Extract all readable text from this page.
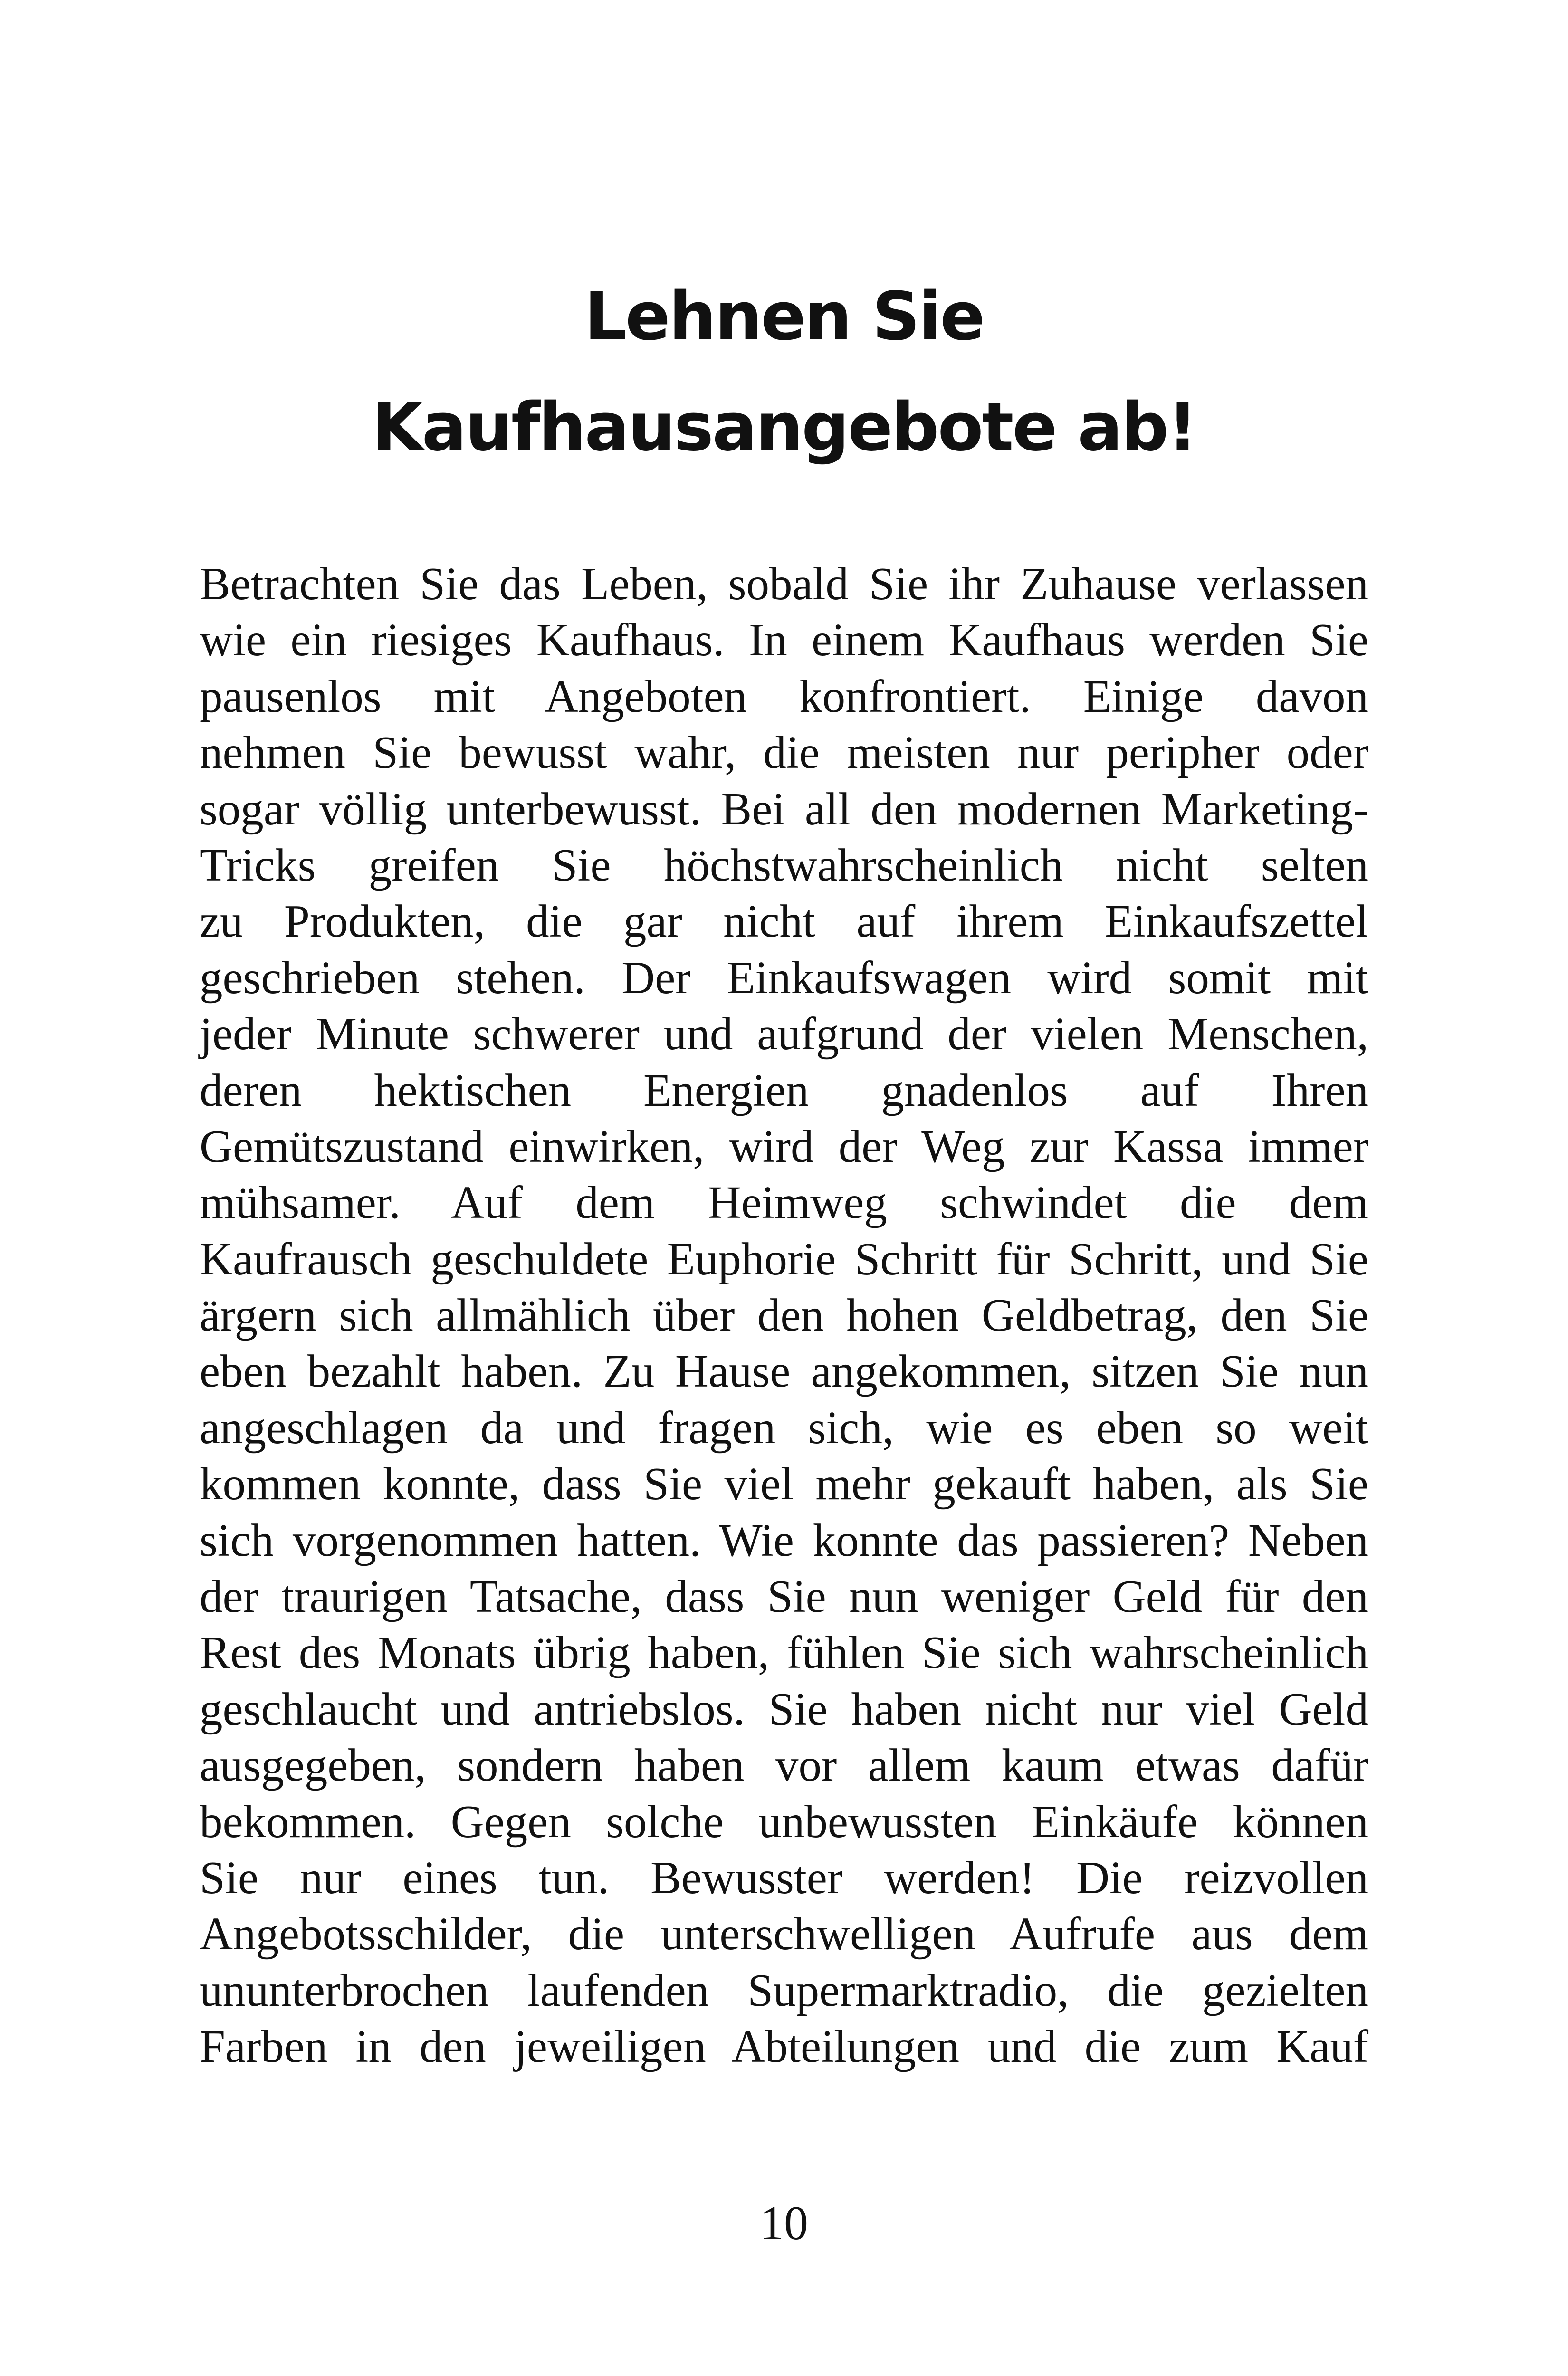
Lehnen Sie
Kaufhausangebote ab!
Betrachten Sie das Leben, sobald Sie ihr Zuhause verlassen
wie ein riesiges Kaufhaus. In einem Kaufhaus werden Sie
pausenlos mit Angeboten konfrontiert. Einige davon
nehmen Sie bewusst wahr, die meisten nur peripher oder
sogar völlig unterbewusst. Bei all den modernen Marketing-
Tricks greifen Sie höchstwahrscheinlich nicht selten
zu Produkten, die gar nicht auf ihrem Einkaufszettel
geschrieben stehen. Der Einkaufswagen wird somit mit
jeder Minute schwerer und aufgrund der vielen Menschen,
deren hektischen Energien gnadenlos auf Ihren
Gemütszustand einwirken, wird der Weg zur Kassa immer
mühsamer. Auf dem Heimweg schwindet die dem
Kaufrausch geschuldete Euphorie Schritt für Schritt, und Sie
ärgern sich allmählich über den hohen Geldbetrag, den Sie
eben bezahlt haben. Zu Hause angekommen, sitzen Sie nun
angeschlagen da und fragen sich, wie es eben so weit
kommen konnte, dass Sie viel mehr gekauft haben, als Sie
sich vorgenommen hatten. Wie konnte das passieren? Neben
der traurigen Tatsache, dass Sie nun weniger Geld für den
Rest des Monats übrig haben, fühlen Sie sich wahrscheinlich
geschlaucht und antriebslos. Sie haben nicht nur viel Geld
ausgegeben, sondern haben vor allem kaum etwas dafür
bekommen. Gegen solche unbewussten Einkäufe können
Sie nur eines tun. Bewusster werden! Die reizvollen
Angebotsschilder, die unterschwelligen Aufrufe aus dem
ununterbrochen laufenden Supermarktradio, die gezielten
Farben in den jeweiligen Abteilungen und die zum Kauf
10
